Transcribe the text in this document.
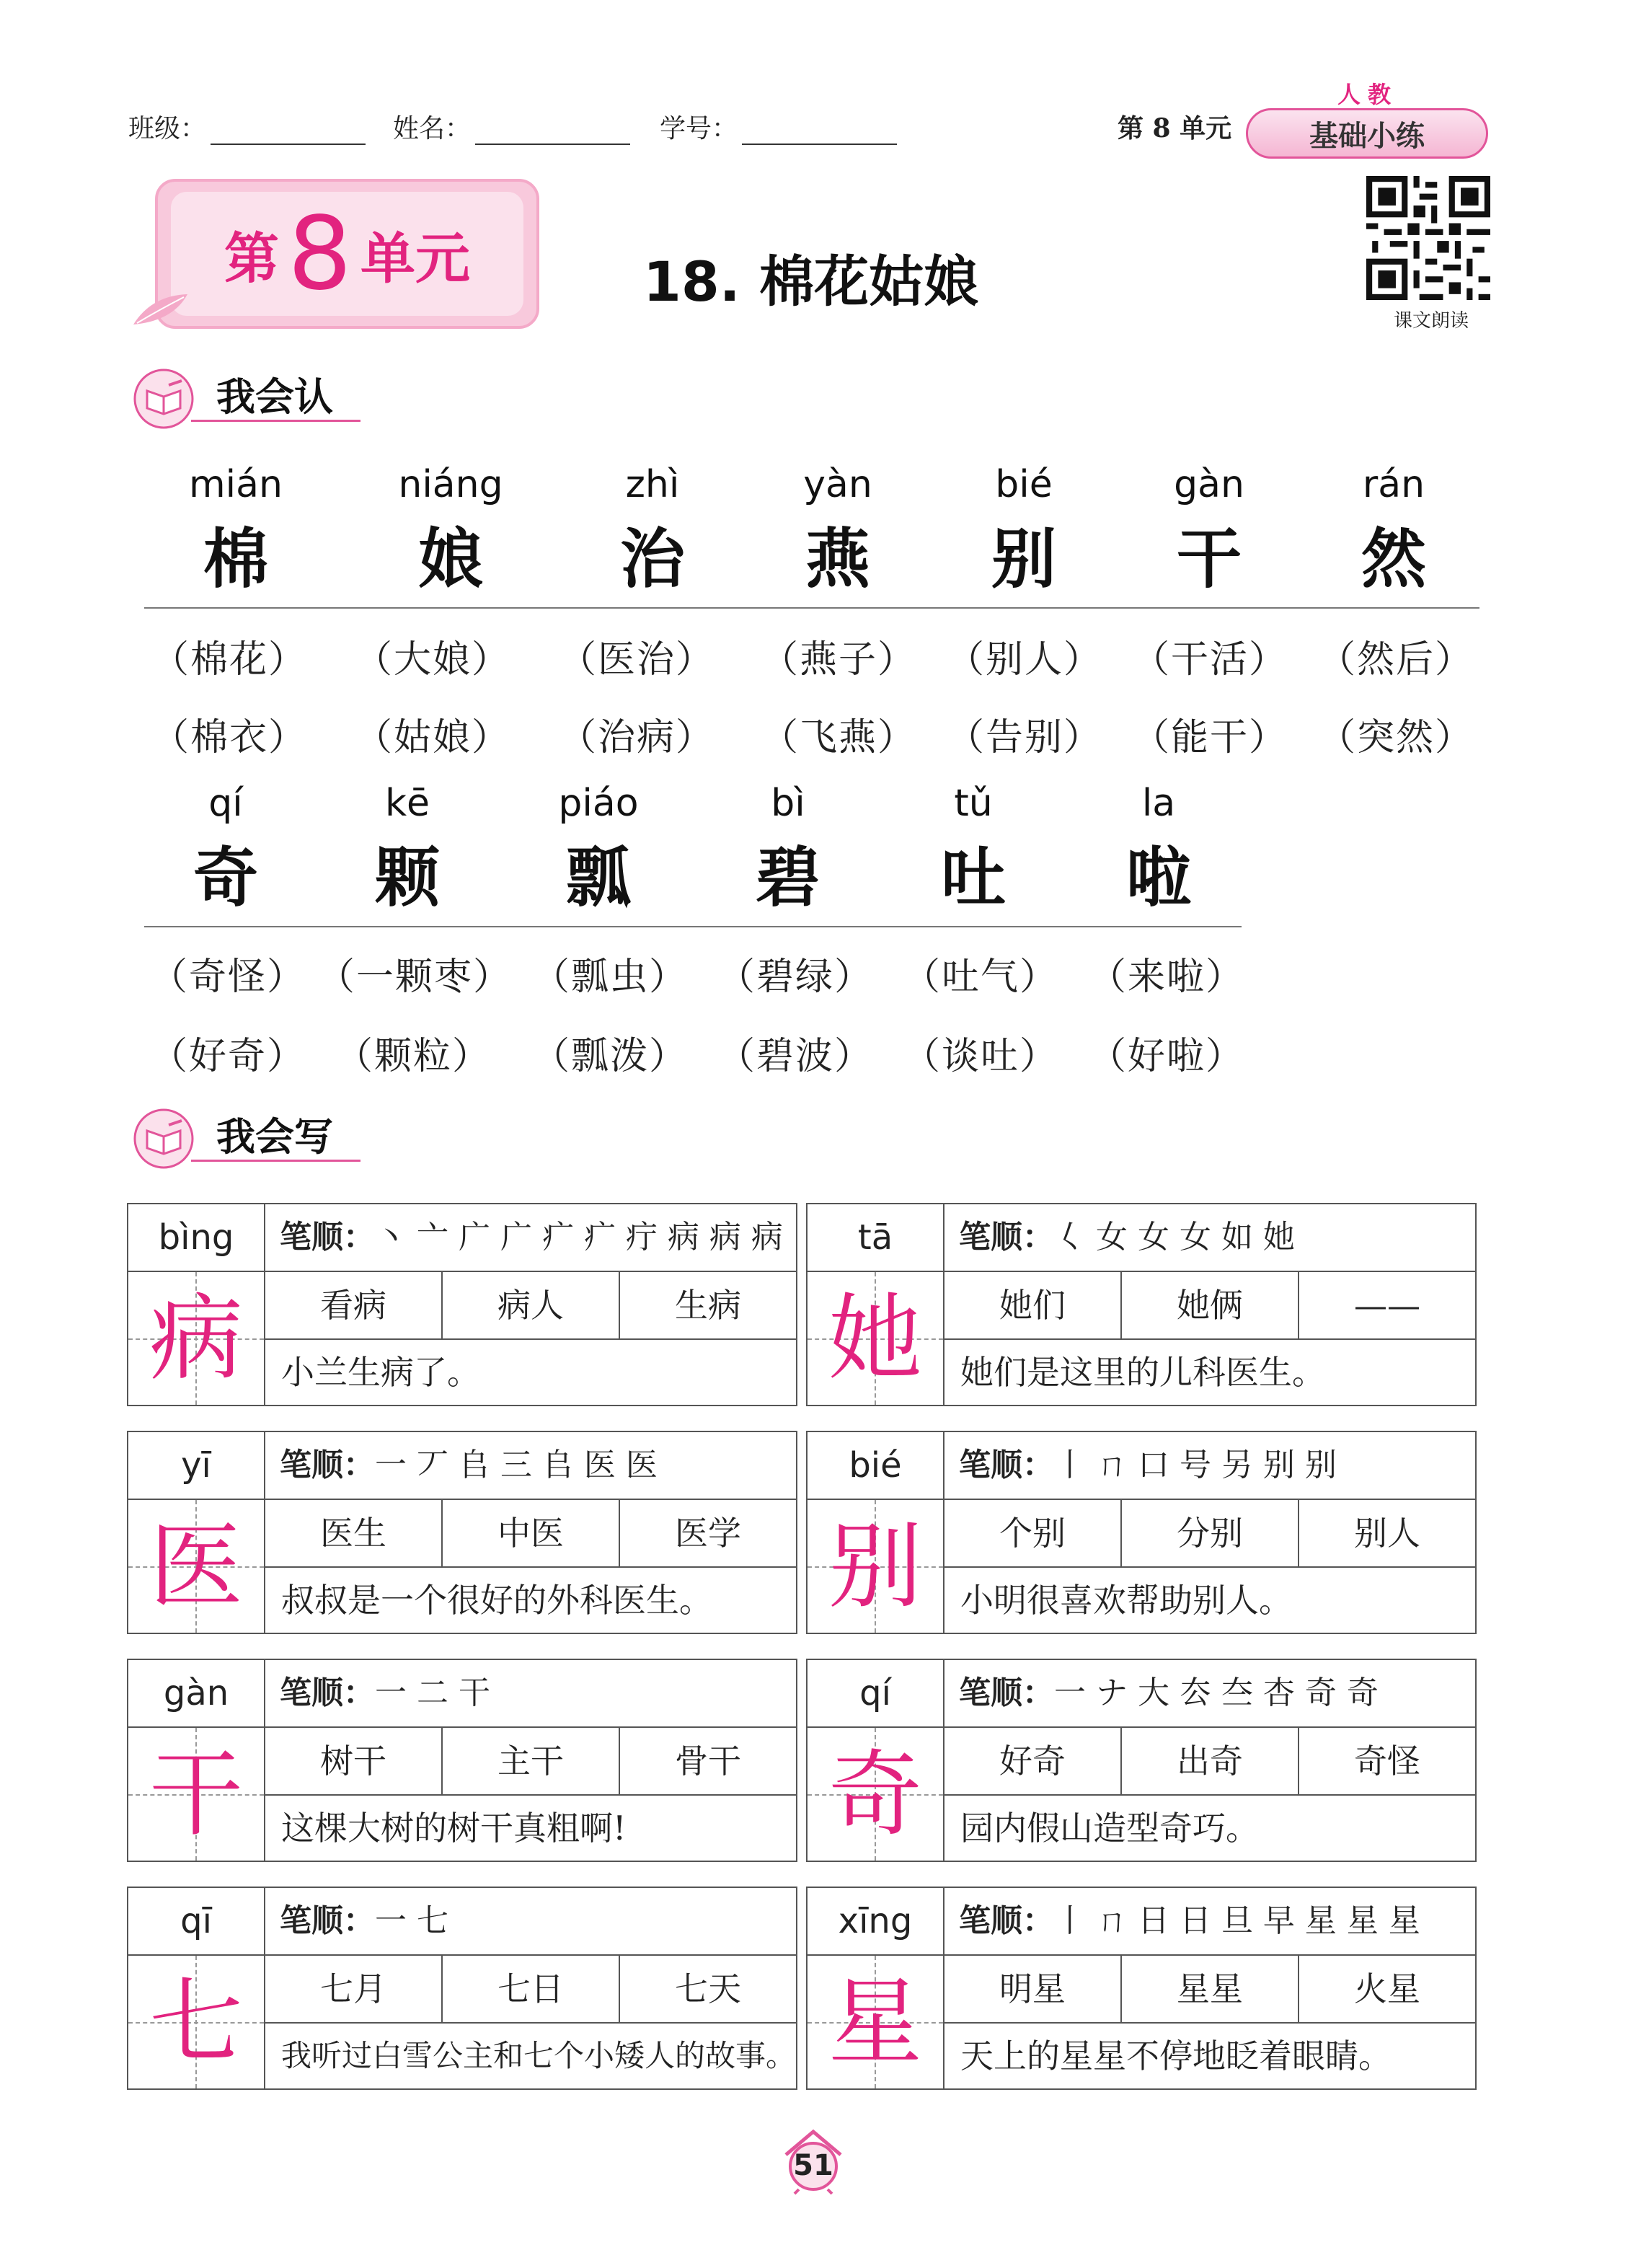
班级：	姓名：	学号：	第 8 单元
人教
基础小练
课文朗读
第 8 单元	18. 棉花姑娘
我会认
mián
棉
niáng
娘
zhì
治
yàn
燕
bié
别
gàn
干
rán
然
（棉花） （大娘） （医治） （燕子） （别人） （干活） （然后）
（棉衣） （姑娘） （治病） （飞燕） （告别） （能干） （突然）
qí
奇
kē
颗
piáo
瓢
bì
碧
tǔ
吐
la
啦
（奇怪） （一颗枣） （瓢虫） （碧绿） （吐气） （来啦）
（好奇） （颗粒） （瓢泼） （碧波） （谈吐） （好啦）
我会写
bìng
病
笔顺：丶 亠 广 广 疒 疒 疔 病 病 病
看病	病人	生病
小兰生病了。
tā
她
笔顺：𡿨 女 女 ⼥ 如 她
她们	她俩	——
她们是这里的儿科医生。
yī
医
笔顺：一 丆 𠂤 三 𠂤 医 医
医生	中医	医学
叔叔是一个很好的外科医生。
bié
别
笔顺：丨 ㄇ 口 号 另 别 别
个别	分别	别人
小明很喜欢帮助别人。
gàn
干
笔顺：一 二 干
树干	主干	骨干
这棵大树的树干真粗啊!
qí
奇
笔顺：一 ナ 大 厺 夳 杏 奇 奇
好奇	出奇	奇怪
园内假山造型奇巧。
qī
七
笔顺：一 七
七月	七日	七天
我听过白雪公主和七个小矮人的故事。
xīng
星
笔顺：丨 ㄇ 日 日 旦 早 星 星 星
明星	星星	火星
天上的星星不停地眨着眼睛。
51
